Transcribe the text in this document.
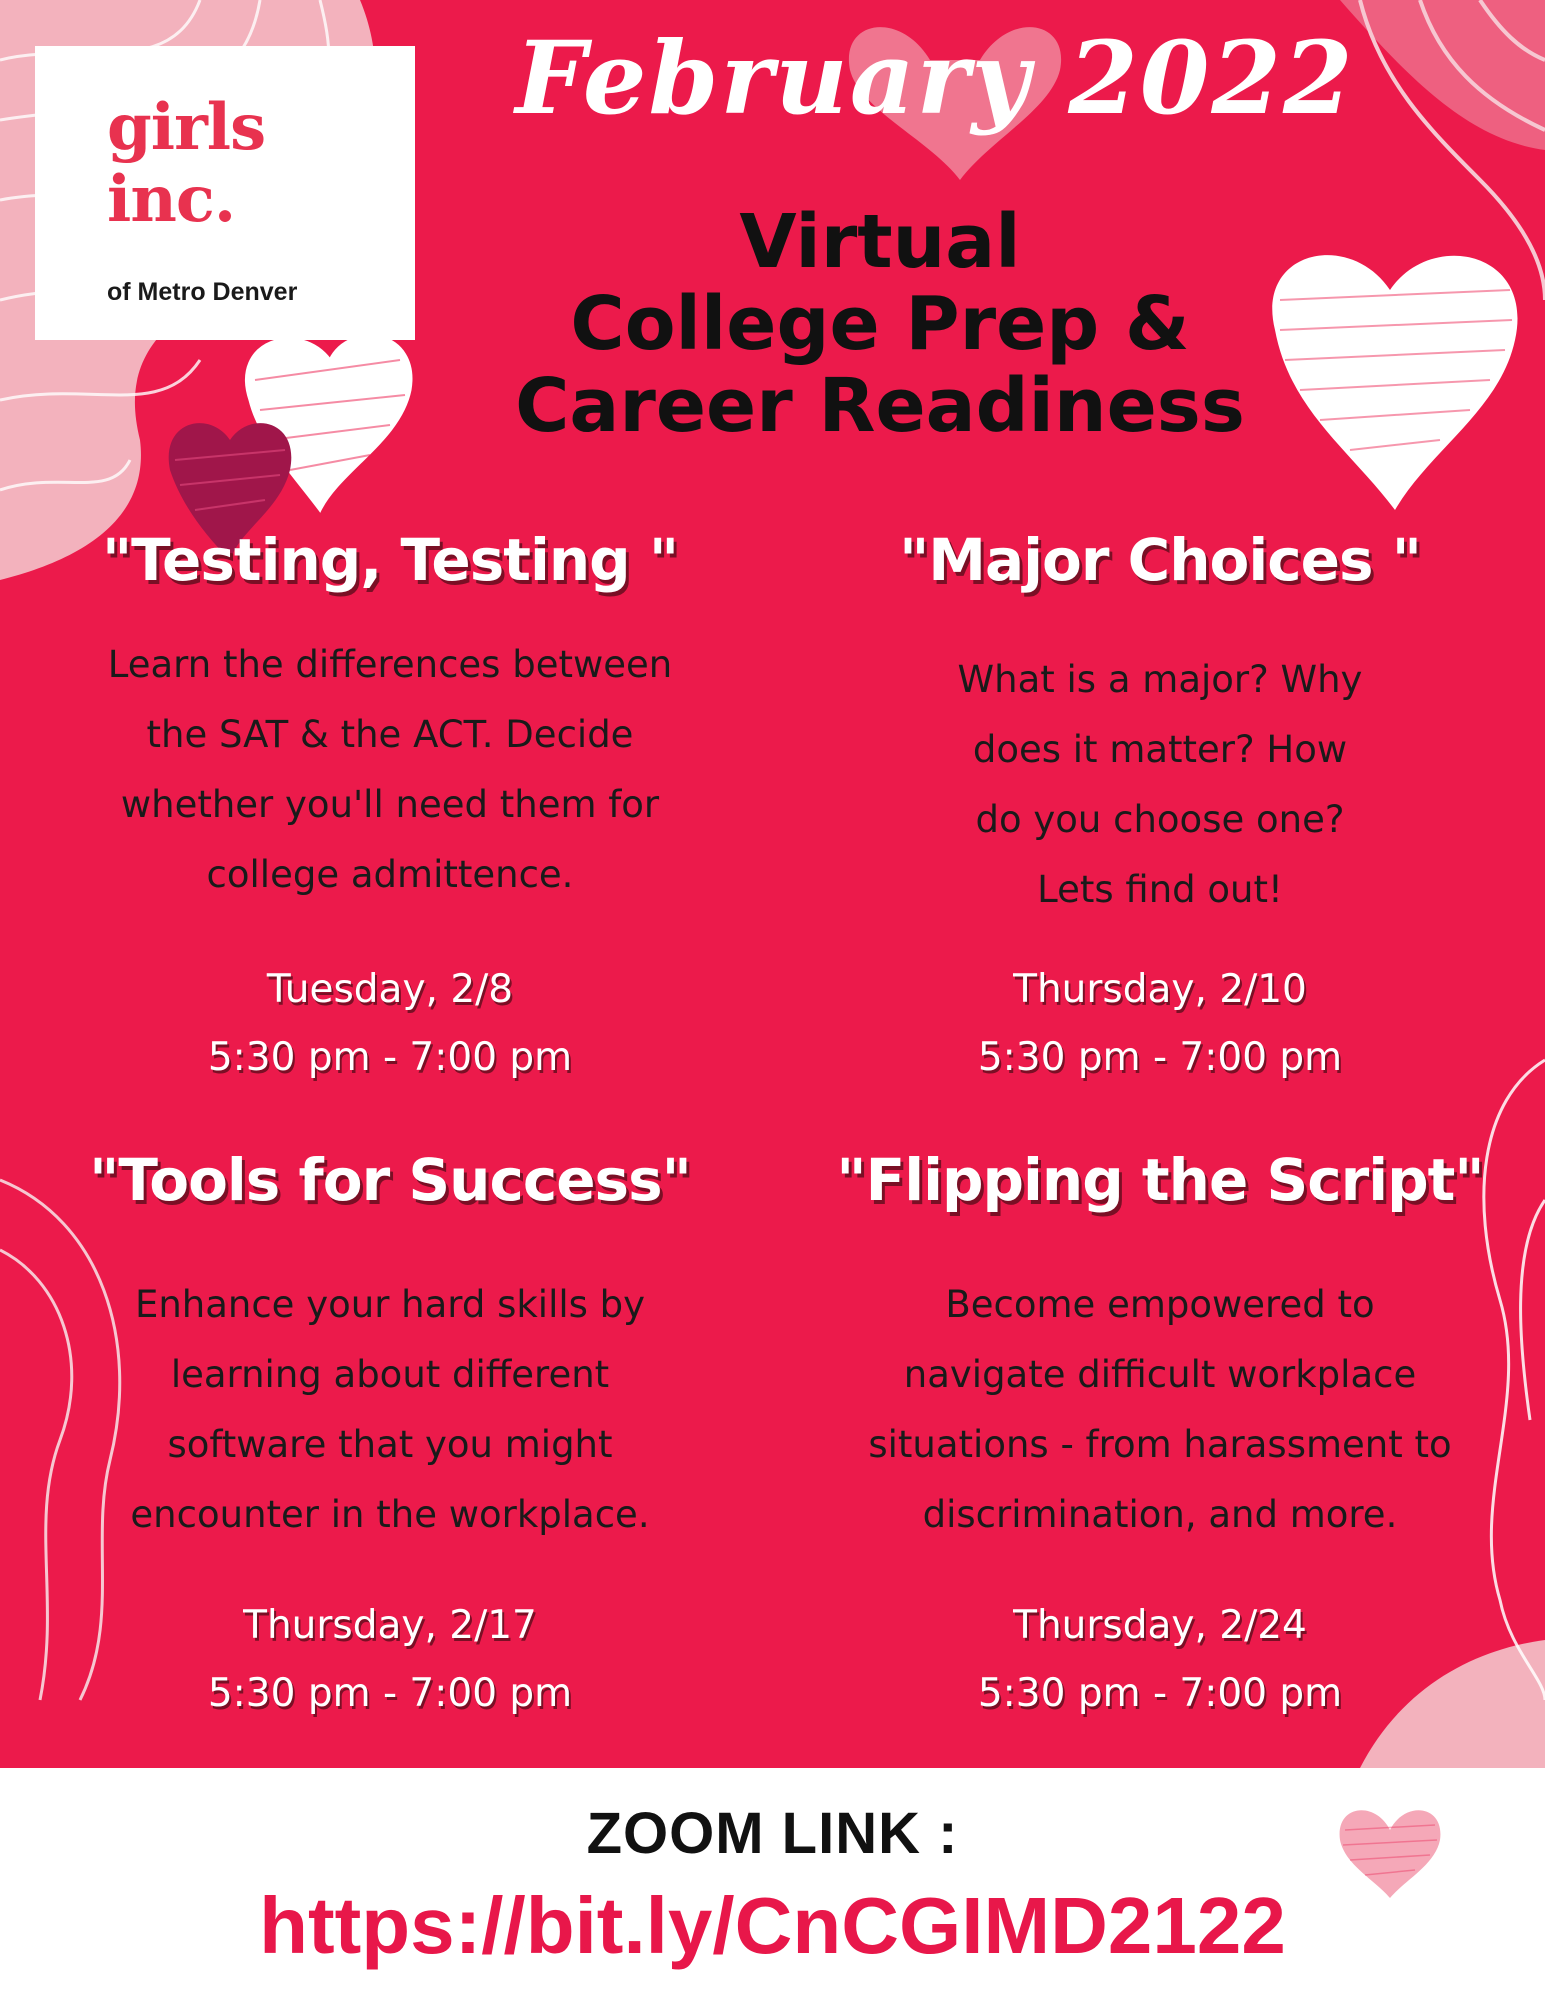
girls
inc.
of Metro Denver
February 2022
Virtual
College Prep &
Career Readiness
"Testing, Testing "
Learn the differences between
the SAT & the ACT. Decide
whether you'll need them for
college admittence.
Tuesday, 2/8
5:30 pm - 7:00 pm
"Major Choices "
What is a major? Why
does it matter? How
do you choose one?
Lets find out!
Thursday, 2/10
5:30 pm - 7:00 pm
"Tools for Success"
Enhance your hard skills by
learning about different
software that you might
encounter in the workplace.
Thursday, 2/17
5:30 pm - 7:00 pm
"Flipping the Script"
Become empowered to
navigate difficult workplace
situations - from harassment to
discrimination, and more.
Thursday, 2/24
5:30 pm - 7:00 pm
ZOOM LINK :
https://bit.ly/CnCGIMD2122
